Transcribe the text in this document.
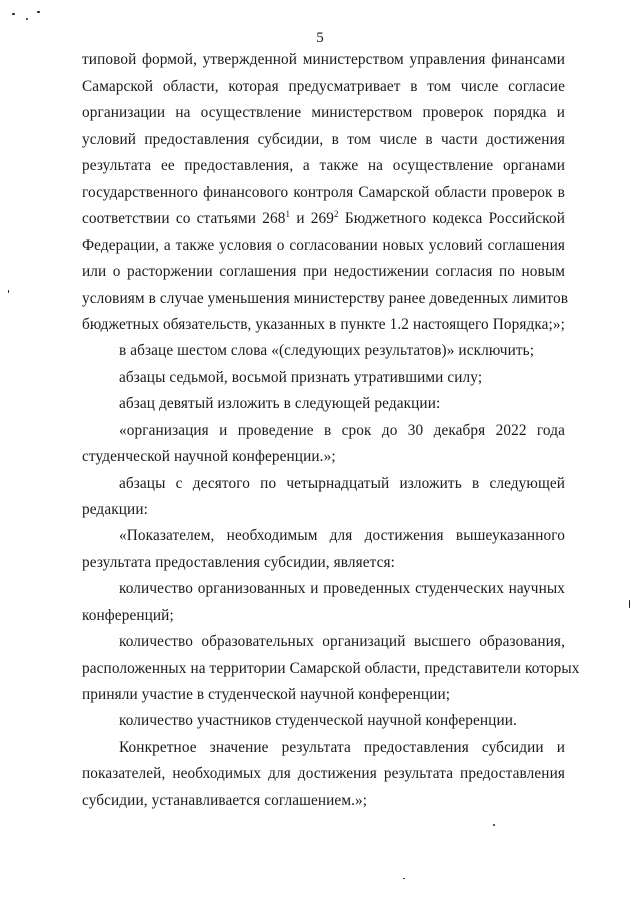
5
типовой формой, утвержденной министерством управления финансами
Самарской области, которая предусматривает в том числе согласие
организации на осуществление министерством проверок порядка и
условий предоставления субсидии, в том числе в части достижения
результата ее предоставления, а также на осуществление органами
государственного финансового контроля Самарской области проверок в
соответствии со статьями $268^1$ и $269^2$ Бюджетного кодекса Российской
Федерации, а также условия о согласовании новых условий соглашения
или о расторжении соглашения при недостижении согласия по новым
условиям в случае уменьшения министерству ранее доведенных лимитов
бюджетных обязательств, указанных в пункте 1.2 настоящего Порядка;»;
в абзаце шестом слова «(следующих результатов)» исключить;
абзацы седьмой, восьмой признать утратившими силу;
абзац девятый изложить в следующей редакции:
«организация и проведение в срок до 30 декабря 2022 года
студенческой научной конференции.»;
абзацы с десятого по четырнадцатый изложить в следующей
редакции:
«Показателем, необходимым для достижения вышеуказанного
результата предоставления субсидии, является:
количество организованных и проведенных студенческих научных
конференций;
количество образовательных организаций высшего образования,
расположенных на территории Самарской области, представители которых
приняли участие в студенческой научной конференции;
количество участников студенческой научной конференции.
Конкретное значение результата предоставления субсидии и
показателей, необходимых для достижения результата предоставления
субсидии, устанавливается соглашением.»;
